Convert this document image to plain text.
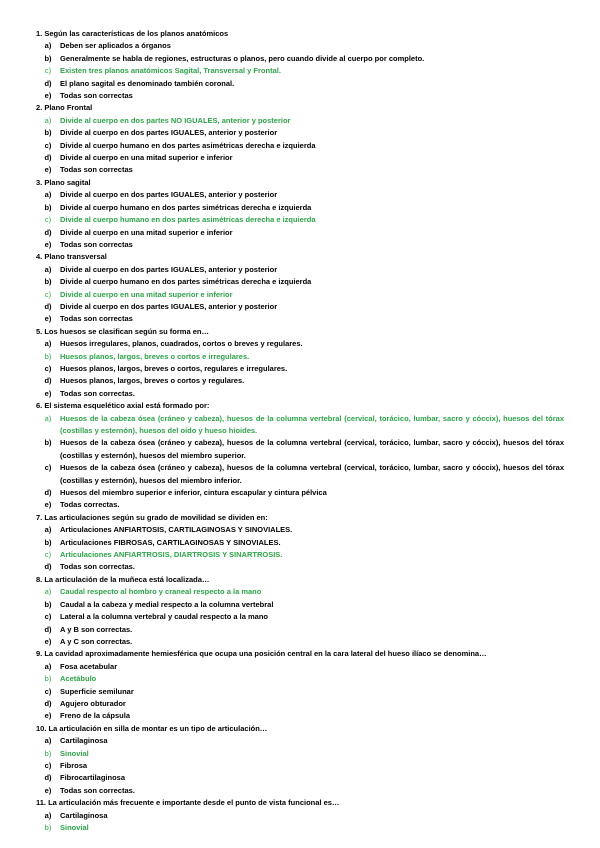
1. Según las características de los planos anatómicos
a)	Deben ser aplicados a órganos
b)	Generalmente se habla de regiones, estructuras o planos, pero cuando divide al cuerpo por completo.
c)	Existen tres planos anatómicos Sagital, Transversal y Frontal.
d)	El plano sagital es denominado también coronal.
e)	Todas son correctas
2. Plano Frontal
a)	Divide al cuerpo en dos partes NO IGUALES, anterior y posterior
b)	Divide al cuerpo en dos partes IGUALES, anterior y posterior
c)	Divide al cuerpo humano en dos partes asimétricas derecha e izquierda
d)	Divide al cuerpo en una mitad superior e inferior
e)	Todas son correctas
3. Plano sagital
a)	Divide al cuerpo en dos partes IGUALES, anterior y posterior
b)	Divide al cuerpo humano en dos partes simétricas derecha e izquierda
c)	Divide al cuerpo humano en dos partes asimétricas derecha e izquierda
d)	Divide al cuerpo en una mitad superior e inferior
e)	Todas son correctas
4. Plano transversal
a)	Divide al cuerpo en dos partes IGUALES, anterior y posterior
b)	Divide al cuerpo humano en dos partes simétricas derecha e izquierda
c)	Divide al cuerpo en una mitad superior e inferior
d)	Divide al cuerpo en dos partes IGUALES, anterior y posterior
e)	Todas son correctas
5. Los huesos se clasifican según su forma en…
a)	Huesos irregulares, planos, cuadrados, cortos o breves y regulares.
b)	Huesos planos, largos, breves o cortos e irregulares.
c)	Huesos planos, largos, breves o cortos, regulares e irregulares.
d)	Huesos planos, largos, breves o cortos y regulares.
e)	Todas son correctas.
6. El sistema esquelético axial está formado por:
a)	Huesos de la cabeza ósea (cráneo y cabeza), huesos de la columna vertebral (cervical, torácico, lumbar, sacro y cóccix), huesos del tórax (costillas y esternón), huesos del oído y hueso hioides.
b)	Huesos de la cabeza ósea (cráneo y cabeza), huesos de la columna vertebral (cervical, torácico, lumbar, sacro y cóccix), huesos del tórax (costillas y esternón), huesos del miembro superior.
c)	Huesos de la cabeza ósea (cráneo y cabeza), huesos de la columna vertebral (cervical, torácico, lumbar, sacro y cóccix), huesos del tórax (costillas y esternón), huesos del miembro inferior.
d)	Huesos del miembro superior e inferior, cintura escapular y cintura pélvica
e)	Todas correctas.
7. Las articulaciones según su grado de movilidad se dividen en:
a)	Articulaciones ANFIARTOSIS, CARTILAGINOSAS Y SINOVIALES.
b)	Articulaciones FIBROSAS, CARTILAGINOSAS Y SINOVIALES.
c)	Articulaciones ANFIARTROSIS, DIARTROSIS Y SINARTROSIS.
d)	Todas son correctas.
8. La articulación de la muñeca está localizada…
a)	Caudal respecto al hombro y craneal respecto a la mano
b)	Caudal a la cabeza y medial respecto a la columna vertebral
c)	Lateral a la columna vertebral y caudal respecto a la mano
d)	A y B son correctas.
e)	A y C son correctas.
9. La cavidad aproximadamente hemiesférica que ocupa una posición central en la cara lateral del hueso ilíaco se denomina…
a)	Fosa acetabular
b)	Acetábulo
c)	Superficie semilunar
d)	Agujero obturador
e)	Freno de la cápsula
10. La articulación en silla de montar es un tipo de articulación…
a)	Cartilaginosa
b)	Sinovial
c)	Fibrosa
d)	Fibrocartilaginosa
e)	Todas son correctas.
11. La articulación más frecuente e importante desde el punto de vista funcional es…
a)	Cartilaginosa
b)	Sinovial
